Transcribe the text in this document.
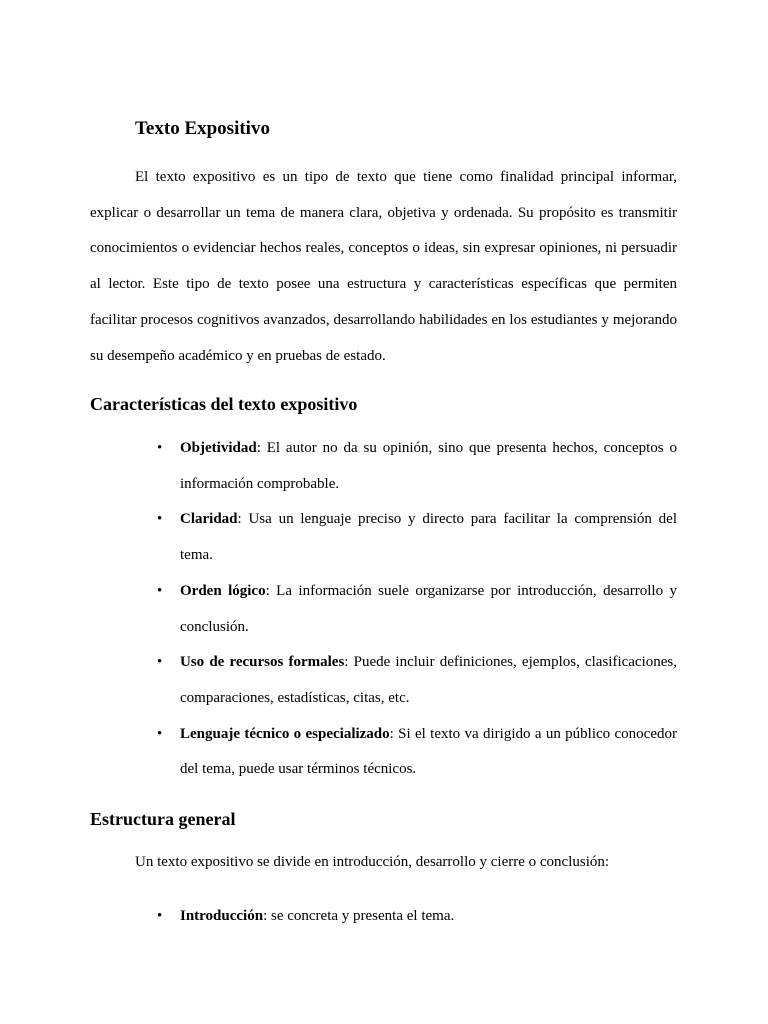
Texto Expositivo

El texto expositivo es un tipo de texto que tiene como finalidad principal informar, explicar o desarrollar un tema de manera clara, objetiva y ordenada. Su propósito es transmitir conocimientos o evidenciar hechos reales, conceptos o ideas, sin expresar opiniones, ni persuadir al lector. Este tipo de texto posee una estructura y características específicas que permiten facilitar procesos cognitivos avanzados, desarrollando habilidades en los estudiantes y mejorando su desempeño académico y en pruebas de estado.

Características del texto expositivo
• Objetividad: El autor no da su opinión, sino que presenta hechos, conceptos o información comprobable.
• Claridad: Usa un lenguaje preciso y directo para facilitar la comprensión del tema.
• Orden lógico: La información suele organizarse por introducción, desarrollo y conclusión.
• Uso de recursos formales: Puede incluir definiciones, ejemplos, clasificaciones, comparaciones, estadísticas, citas, etc.
• Lenguaje técnico o especializado: Si el texto va dirigido a un público conocedor del tema, puede usar términos técnicos.
Estructura general

Un texto expositivo se divide en introducción, desarrollo y cierre o conclusión:

• Introducción: se concreta y presenta el tema.
